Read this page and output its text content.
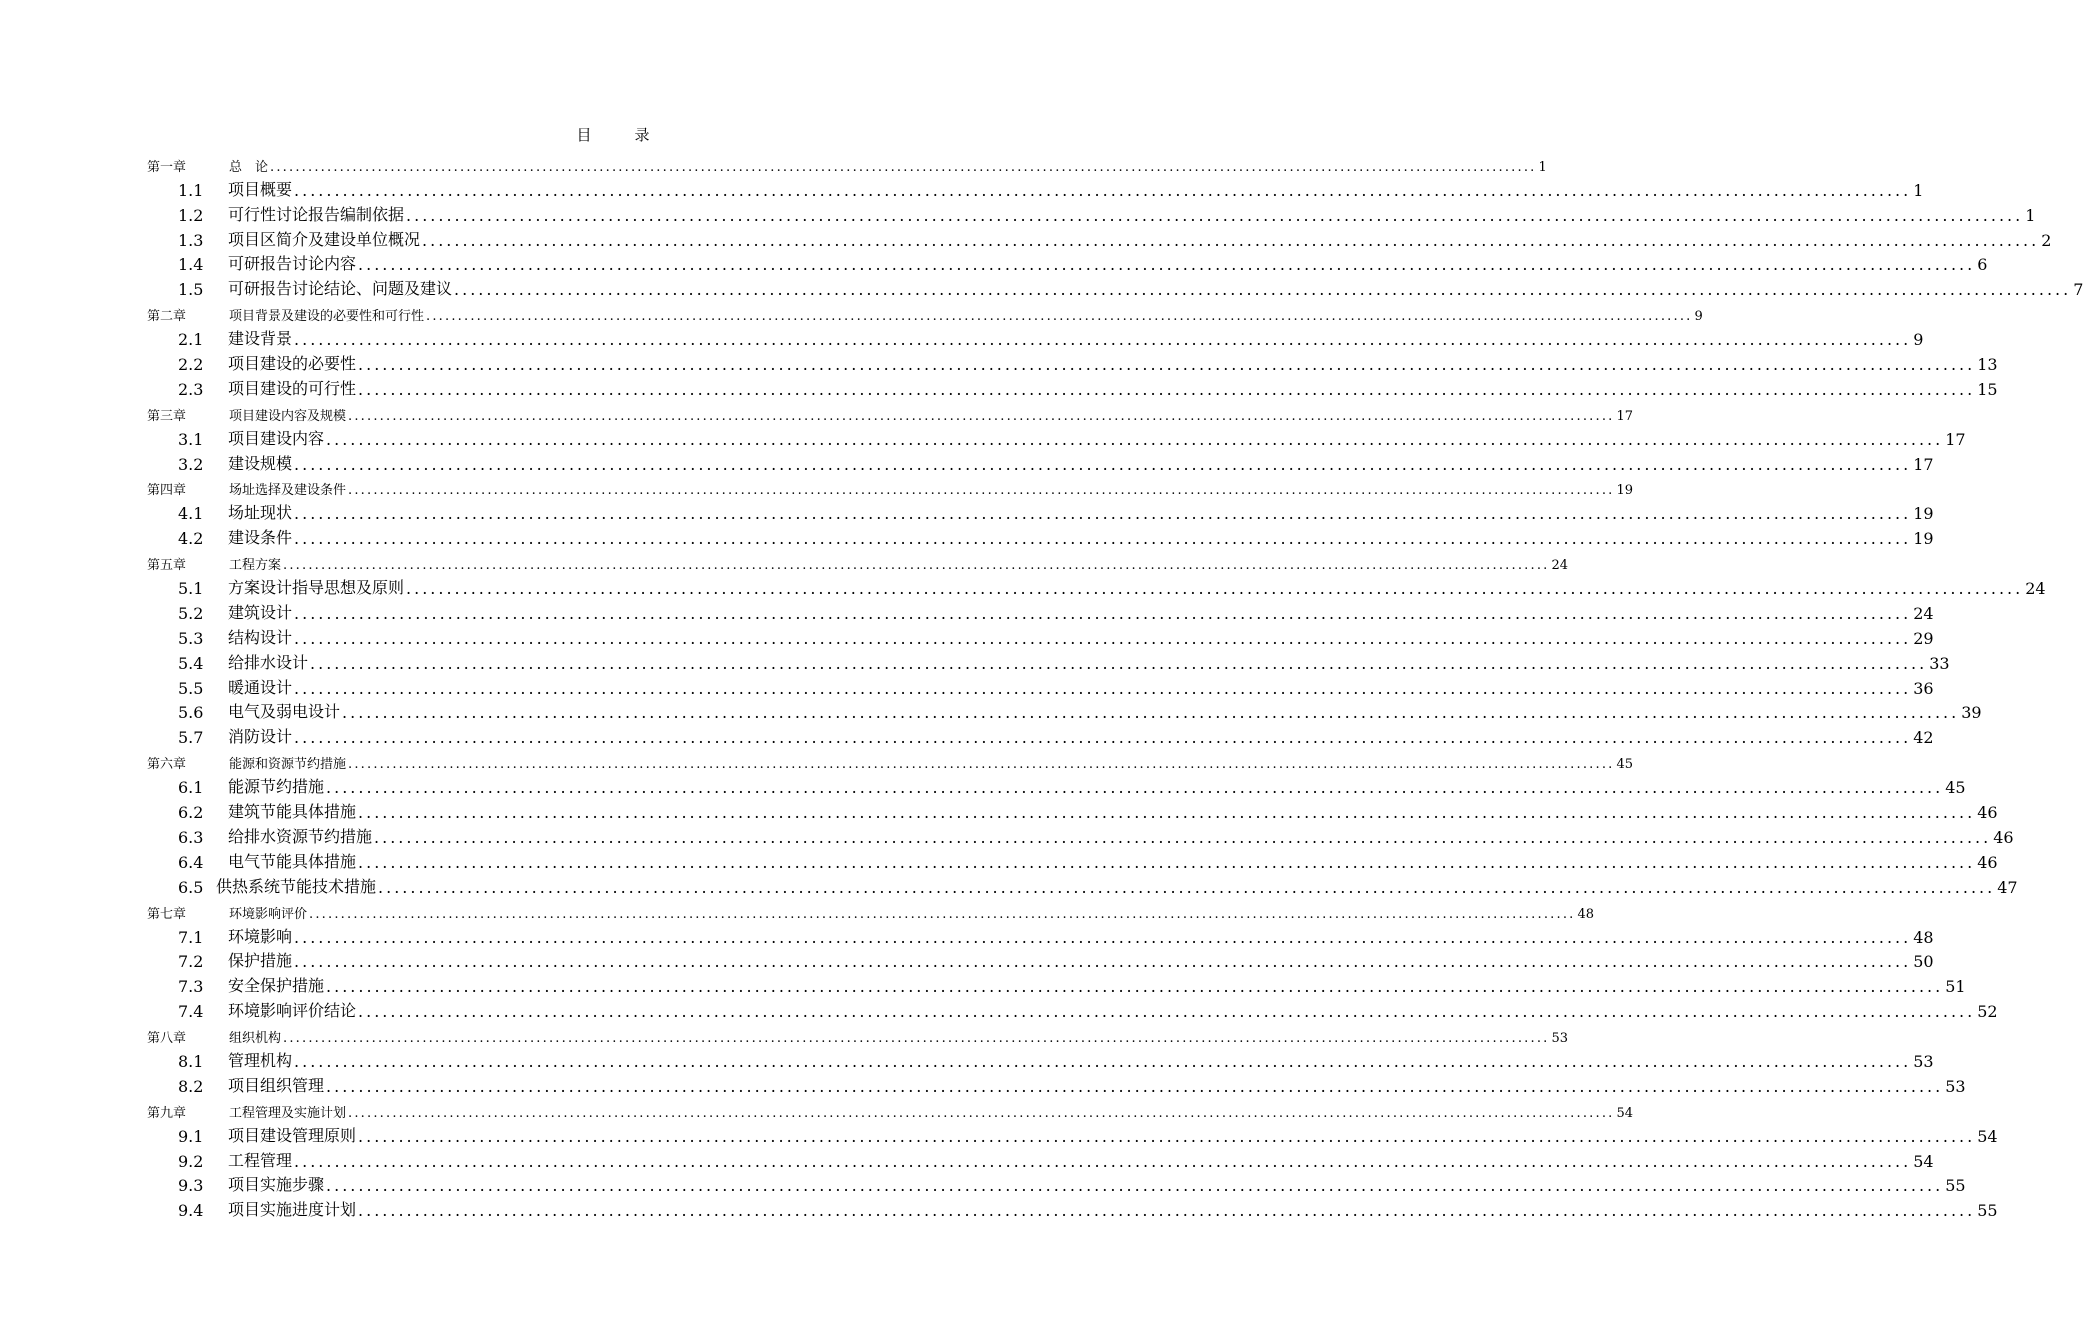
目　录
第一章	总　论 ........................................................................................................................................................................................................ 1
1.1	项目概要 ........................................................................................................................................................................................................ 1
1.2	可行性讨论报告编制依据 ........................................................................................................................................................................................................ 1
1.3	项目区简介及建设单位概况 ........................................................................................................................................................................................................ 2
1.4	可研报告讨论内容 ........................................................................................................................................................................................................ 6
1.5	可研报告讨论结论、问题及建议 ........................................................................................................................................................................................................ 7
第二章	项目背景及建设的必要性和可行性 ........................................................................................................................................................................................................ 9
2.1	建设背景 ........................................................................................................................................................................................................ 9
2.2	项目建设的必要性 ........................................................................................................................................................................................................ 13
2.3	项目建设的可行性 ........................................................................................................................................................................................................ 15
第三章	项目建设内容及规模 ........................................................................................................................................................................................................ 17
3.1	项目建设内容 ........................................................................................................................................................................................................ 17
3.2	建设规模 ........................................................................................................................................................................................................ 17
第四章	场址选择及建设条件 ........................................................................................................................................................................................................ 19
4.1	场址现状 ........................................................................................................................................................................................................ 19
4.2	建设条件 ........................................................................................................................................................................................................ 19
第五章	工程方案 ........................................................................................................................................................................................................ 24
5.1	方案设计指导思想及原则 ........................................................................................................................................................................................................ 24
5.2	建筑设计 ........................................................................................................................................................................................................ 24
5.3	结构设计 ........................................................................................................................................................................................................ 29
5.4	给排水设计 ........................................................................................................................................................................................................ 33
5.5	暖通设计 ........................................................................................................................................................................................................ 36
5.6	电气及弱电设计 ........................................................................................................................................................................................................ 39
5.7	消防设计 ........................................................................................................................................................................................................ 42
第六章	能源和资源节约措施 ........................................................................................................................................................................................................ 45
6.1	能源节约措施 ........................................................................................................................................................................................................ 45
6.2	建筑节能具体措施 ........................................................................................................................................................................................................ 46
6.3	给排水资源节约措施 ........................................................................................................................................................................................................ 46
6.4	电气节能具体措施 ........................................................................................................................................................................................................ 46
6.5 供热系统节能技术措施 ........................................................................................................................................................................................................ 47
第七章	环境影响评价 ........................................................................................................................................................................................................ 48
7.1	环境影响 ........................................................................................................................................................................................................ 48
7.2	保护措施 ........................................................................................................................................................................................................ 50
7.3	安全保护措施 ........................................................................................................................................................................................................ 51
7.4	环境影响评价结论 ........................................................................................................................................................................................................ 52
第八章	组织机构 ........................................................................................................................................................................................................ 53
8.1	管理机构 ........................................................................................................................................................................................................ 53
8.2	项目组织管理 ........................................................................................................................................................................................................ 53
第九章	工程管理及实施计划 ........................................................................................................................................................................................................ 54
9.1	项目建设管理原则 ........................................................................................................................................................................................................ 54
9.2	工程管理 ........................................................................................................................................................................................................ 54
9.3	项目实施步骤 ........................................................................................................................................................................................................ 55
9.4	项目实施进度计划 ........................................................................................................................................................................................................ 55
